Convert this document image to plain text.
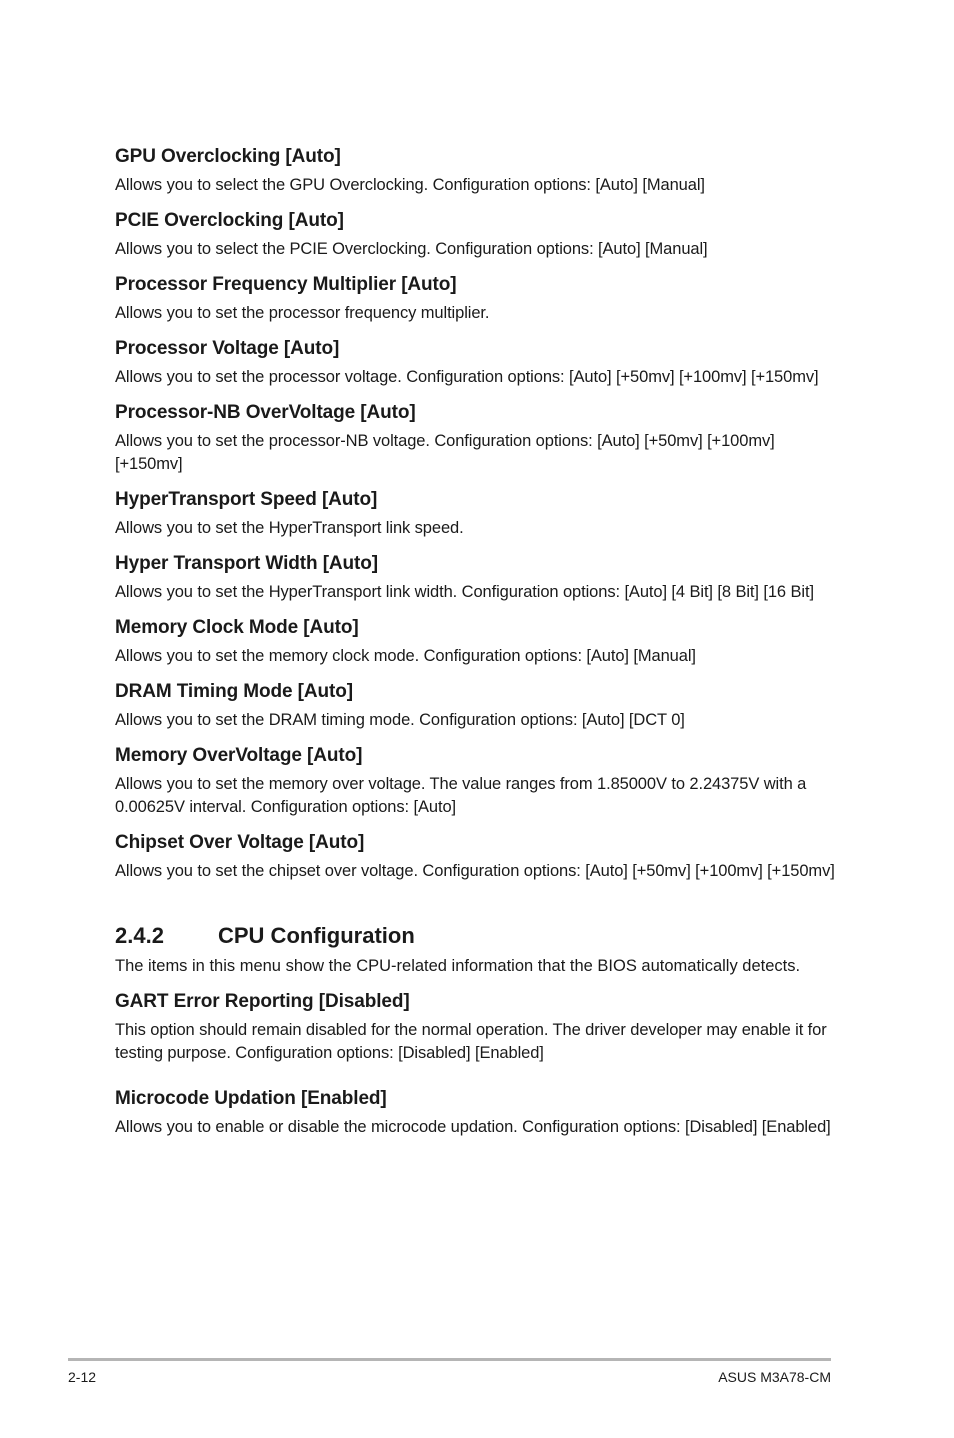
GPU Overclocking [Auto]

Allows you to select the GPU Overclocking. Configuration options: [Auto] [Manual]

PCIE Overclocking [Auto]

Allows you to select the PCIE Overclocking. Configuration options: [Auto] [Manual]

Processor Frequency Multiplier [Auto]

Allows you to set the processor frequency multiplier.

Processor Voltage [Auto]

Allows you to set the processor voltage. Configuration options: [Auto] [+50mv] [+100mv] [+150mv]

Processor-NB OverVoltage [Auto]

Allows you to set the processor-NB voltage. Configuration options: [Auto] [+50mv] [+100mv] [+150mv]

HyperTransport Speed [Auto]

Allows you to set the HyperTransport link speed.

Hyper Transport Width [Auto]

Allows you to set the HyperTransport link width. Configuration options: [Auto] [4 Bit] [8 Bit] [16 Bit]

Memory Clock Mode [Auto]

Allows you to set the memory clock mode. Configuration options: [Auto] [Manual]

DRAM Timing Mode [Auto]

Allows you to set the DRAM timing mode. Configuration options: [Auto] [DCT 0]

Memory OverVoltage [Auto]

Allows you to set the memory over voltage. The value ranges from 1.85000V to 2.24375V with a 0.00625V interval. Configuration options: [Auto]

Chipset Over Voltage [Auto]

Allows you to set the chipset over voltage. Configuration options: [Auto] [+50mv] [+100mv] [+150mv]

2.4.2	CPU Configuration

The items in this menu show the CPU-related information that the BIOS automatically detects.

GART Error Reporting [Disabled]

This option should remain disabled for the normal operation. The driver developer may enable it for testing purpose. Configuration options: [Disabled] [Enabled]

Microcode Updation [Enabled]

Allows you to enable or disable the microcode updation. Configuration options: [Disabled] [Enabled]

2-12	ASUS M3A78-CM
